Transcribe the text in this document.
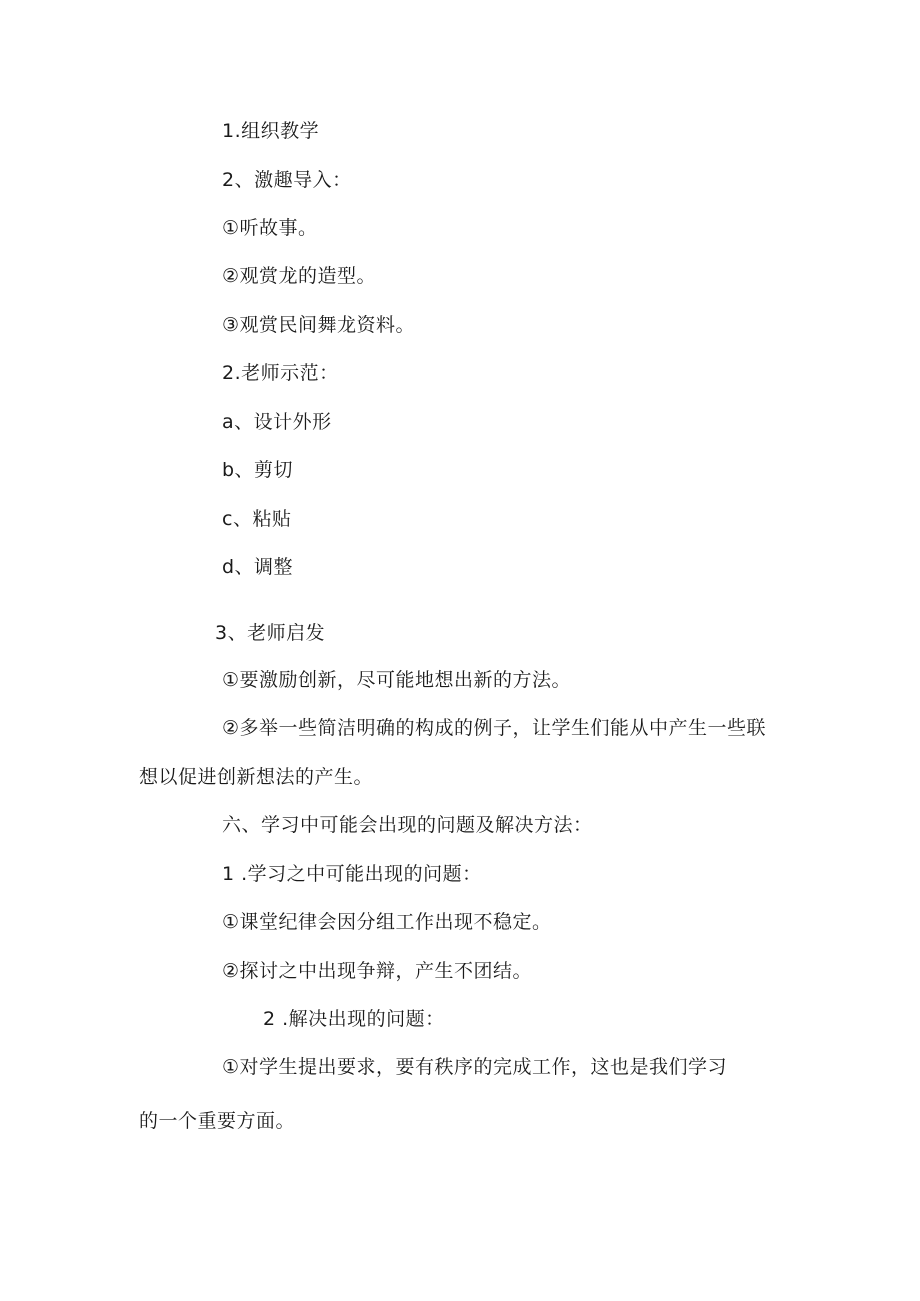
1.组织教学
2、激趣导入：
①听故事。
②观赏龙的造型。
③观赏民间舞龙资料。
2.老师示范：
a、设计外形
b、剪切
c、粘贴
d、调整
3、老师启发
①要激励创新，尽可能地想出新的方法。
②多举一些简洁明确的构成的例子，让学生们能从中产生一些联
想以促进创新想法的产生。
六、学习中可能会出现的问题及解决方法：
1 .学习之中可能出现的问题：
①课堂纪律会因分组工作出现不稳定。
②探讨之中出现争辩，产生不团结。
2 .解决出现的问题：
①对学生提出要求，要有秩序的完成工作，这也是我们学习
的一个重要方面。
